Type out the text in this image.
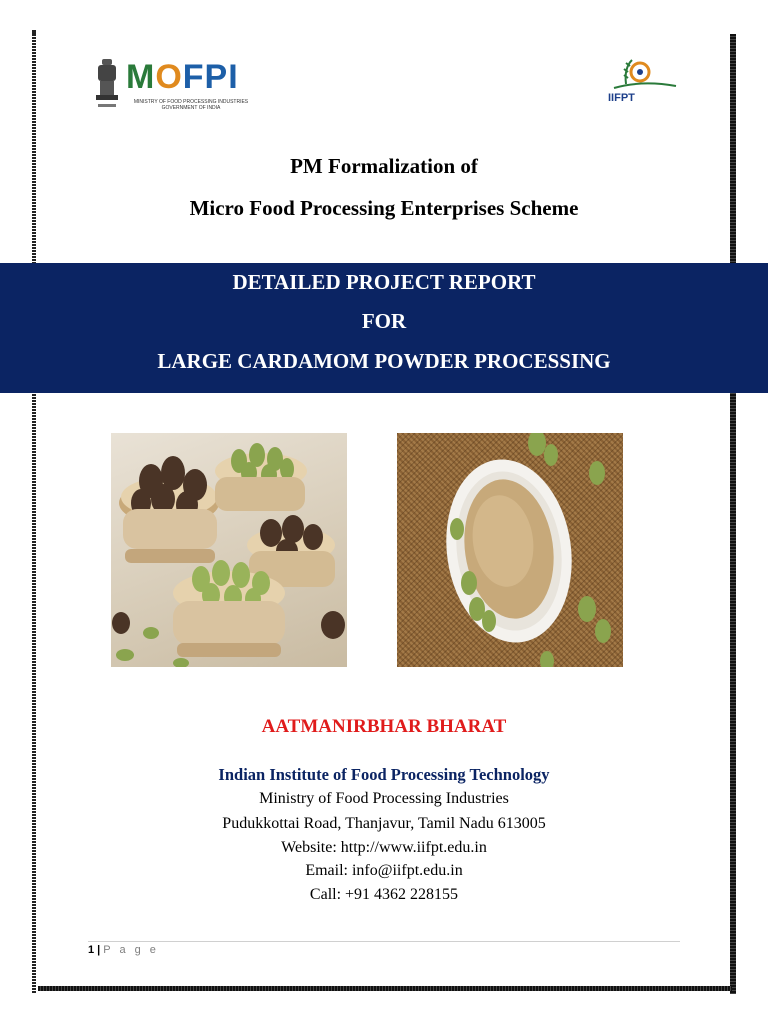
MOFPI
MINISTRY OF FOOD PROCESSING INDUSTRIES
GOVERNMENT OF INDIA
IIFPT
PM Formalization of
Micro Food Processing Enterprises Scheme
DETAILED PROJECT REPORT
FOR
LARGE CARDAMOM POWDER PROCESSING
AATMANIRBHAR BHARAT
Indian Institute of Food Processing Technology
Ministry of Food Processing Industries
Pudukkottai Road, Thanjavur, Tamil Nadu 613005
Website: http://www.iifpt.edu.in
Email: info@iifpt.edu.in
Call: +91 4362 228155
1 | P a g e
